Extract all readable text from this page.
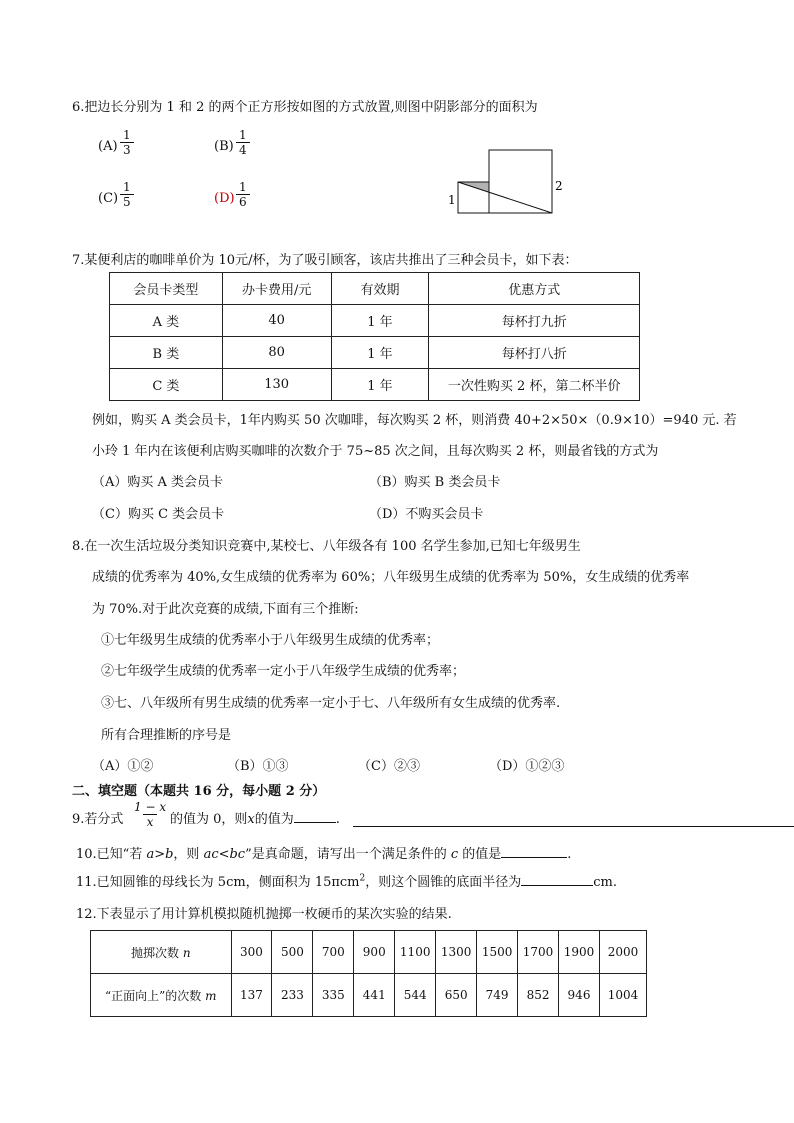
6.把边长分别为 1 和 2 的两个正方形按如图的方式放置,则图中阴影部分的面积为
$(A) \frac{1}{3}$	$(B) \frac{1}{4}$
$(C) \frac{1}{5}$	$(D) \frac{1}{6}$	1
2
7.某便利店的咖啡单价为 10元/杯，为了吸引顾客，该店共推出了三种会员卡，如下表：
会员卡类型	办卡费用/元	有效期	优惠方式
A 类	40	1 年	每杯打九折
B 类	80	1 年	每杯打八折
C 类	130	1 年	一次性购买 2 杯，第二杯半价
例如，购买 A 类会员卡，1年内购买 50 次咖啡，每次购买 2 杯，则消费 40+2×50×（0.9×10）=940 元. 若
小玲 1 年内在该便利店购买咖啡的次数介于 75~85 次之间，且每次购买 2 杯，则最省钱的方式为
（A）购买 A 类会员卡	（B）购买 B 类会员卡
（C）购买 C 类会员卡	（D）不购买会员卡
8.在一次生活垃圾分类知识竞赛中,某校七、八年级各有 100 名学生参加,已知七年级男生
成绩的优秀率为 40%,女生成绩的优秀率为 60%；八年级男生成绩的优秀率为 50%，女生成绩的优秀率
为 70%.对于此次竞赛的成绩,下面有三个推断:
①七年级男生成绩的优秀率小于八年级男生成绩的优秀率；
②七年级学生成绩的优秀率一定小于八年级学生成绩的优秀率；
③七、八年级所有男生成绩的优秀率一定小于七、八年级所有女生成绩的优秀率.
所有合理推断的序号是
（A）①②	（B）①③	（C）②③	（D）①②③
二、填空题（本题共 16 分，每小题 2 分）
9.若分式 $\frac{1 - x}{x}$ 的值为 0，则x的值为	.
10.已知“若 a>b，则 ac<bc”是真命题，请写出一个满足条件的 c 的值是	.
11.已知圆锥的母线长为 5cm，侧面积为 15πcm$^2$，则这个圆锥的底面半径为	cm.
12.下表显示了用计算机模拟随机抛掷一枚硬币的某次实验的结果.
抛掷次数 n	300	500	700	900	1100	1300	1500	1700	1900	2000
“正面向上”的次数 m	137	233	335	441	544	650	749	852	946	1004
